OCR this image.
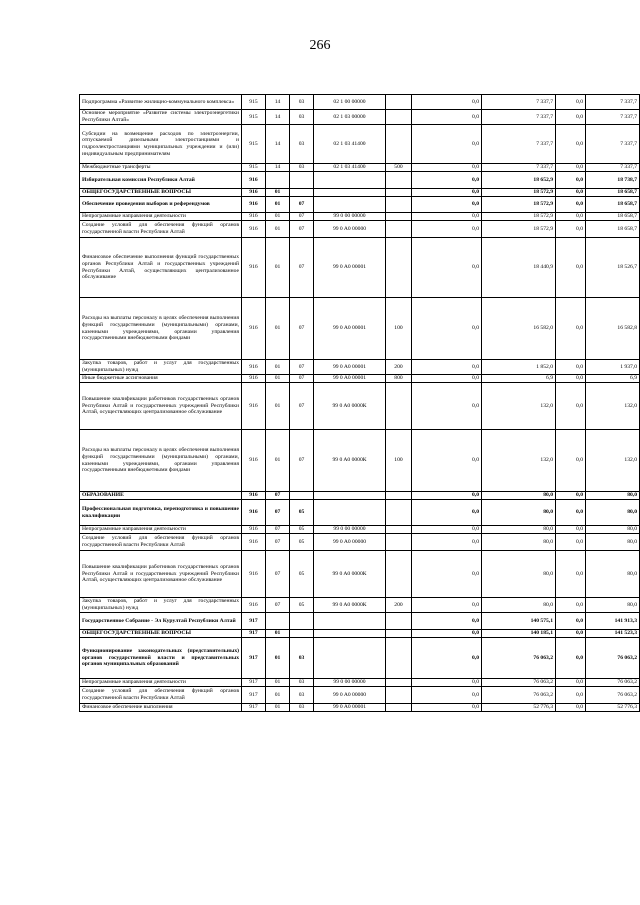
266
Подпрограмма «Развитие жилищно-коммунального комплекса»	915	14	03	02 1 00 00000		0,0	7 337,7	0,0	7 337,7
Основное мероприятие «Развитие системы электроэнергетики Республики Алтай»	915	14	03	02 1 03 00000		0,0	7 337,7	0,0	7 337,7
Субсидии на возмещение расходов по электроэнергии, отпускаемой дизельными электростанциями и гидроэлектростанциями муниципальных учреждении и (или) индивидуальным предпринимателям	915	14	03	02 1 03 41400		0,0	7 337,7	0,0	7 337,7
Межбюджетные трансферты	915	14	03	02 1 03 41400	500	0,0	7 337,7	0,0	7 337,7
Избирательная комиссия Республики Алтай	916					0,0	18 652,9	0,0	18 738,7
ОБЩЕГОСУДАРСТВЕННЫЕ ВОПРОСЫ	916	01				0,0	18 572,9	0,0	18 658,7
Обеспечение проведения выборов и референдумов	916	01	07			0,0	18 572,9	0,0	18 658,7
Непрограммные направления деятельности	916	01	07	99 0 00 00000		0,0	18 572,9	0,0	18 658,7
Создание условий для обеспечения функций органов государственной власти Республики Алтай	916	01	07	99 0 A0 00000		0,0	18 572,9	0,0	18 658,7
Финансовое обеспечение выполнения функций государственных органов Республики Алтай и государственных учреждений Республики Алтай, осуществляющих централизованное обслуживание	916	01	07	99 0 A0 00001		0,0	18 440,9	0,0	18 526,7
Расходы на выплаты персоналу в целях обеспечения выполнения функций государственными (муниципальными) органами, казенными учреждениями, органами управления государственными внебюджетными фондами	916	01	07	99 0 A0 00001	100	0,0	16 582,0	0,0	16 582,8
Закупка товаров, работ и услуг для государственных (муниципальных) нужд	916	01	07	99 0 A0 00001	200	0,0	1 852,0	0,0	1 937,0
Иные бюджетные ассигнования	916	01	07	99 0 A0 00001	800	0,0	6,9	0,0	6,9
Повышение квалификации работников государственных органов Республики Алтай и государственных учреждений Республики Алтай, осуществляющих централизованное обслуживание	916	01	07	99 0 A0 0000К		0,0	132,0	0,0	132,0
Расходы на выплаты персоналу в целях обеспечения выполнения функций государственными (муниципальными) органами, казенными учреждениями, органами управления государственными внебюджетными фондами	916	01	07	99 0 A0 0000К	100	0,0	132,0	0,0	132,0
ОБРАЗОВАНИЕ	916	07				0,0	80,0	0,0	80,0
Профессиональная подготовка, переподготовка и повышение квалификации	916	07	05			0,0	80,0	0,0	80,0
Непрограммные направления деятельности	916	07	05	99 0 00 00000		0,0	80,0	0,0	80,0
Создание условий для обеспечения функций органов государственной власти Республики Алтай	916	07	05	99 0 A0 00000		0,0	80,0	0,0	80,0
Повышение квалификации работников государственных органов Республики Алтай и государственных учреждений Республики Алтай, осуществляющих централизованное обслуживание	916	07	05	99 0 A0 0000К		0,0	80,0	0,0	80,0
Закупка товаров, работ и услуг для государственных (муниципальных) нужд	916	07	05	99 0 A0 0000К	200	0,0	80,0	0,0	80,0
Государственное Собрание - Эл Курултай Республики Алтай	917					0,0	140 575,1	0,0	141 913,3
ОБЩЕГОСУДАРСТВЕННЫЕ ВОПРОСЫ	917	01				0,0	140 185,1	0,0	141 523,3
Функционирование законодательных (представительных) органов государственной власти и представительных органов муниципальных образований	917	01	03			0,0	76 063,2	0,0	76 063,2
Непрограммные направления деятельности	917	01	03	99 0 00 00000		0,0	76 063,2	0,0	76 063,2
Создание условий для обеспечения функций органов государственной власти Республики Алтай	917	01	03	99 0 A0 00000		0,0	76 063,2	0,0	76 063,2
Финансовое обеспечение выполнения	917	01	03	99 0 A0 00001		0,0	52 776,3	0,0	52 776,3
